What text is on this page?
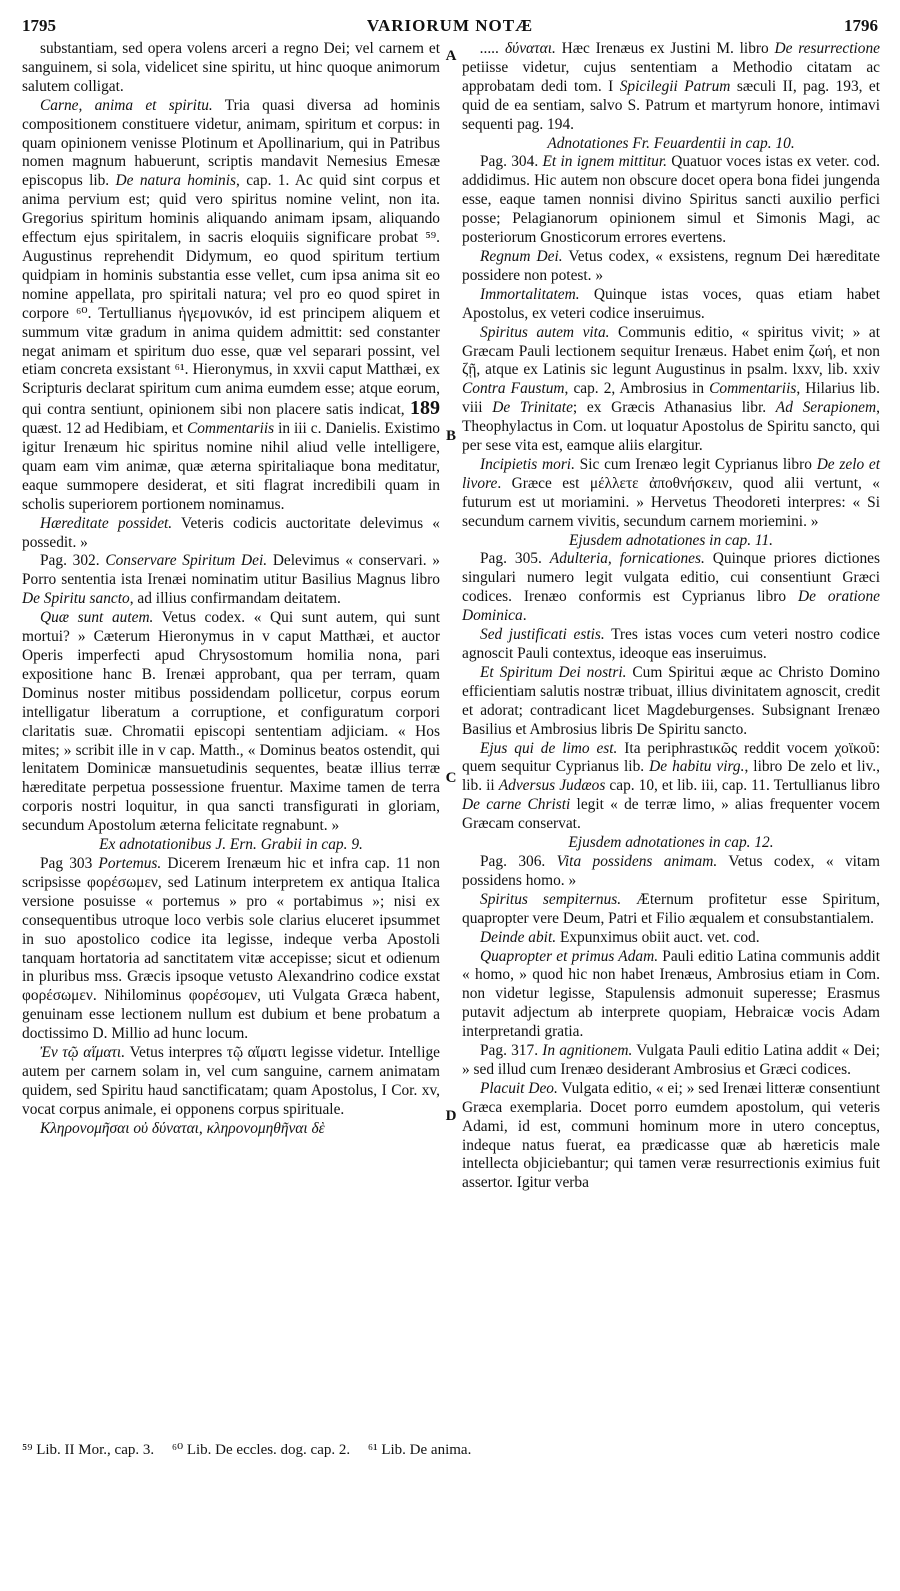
1795	VARIORUM NOTÆ	1796

substantiam, sed opera volens arceri a regno Dei; vel carnem et sanguinem, si sola, videlicet sine spiritu, ut hinc quoque animorum salutem colligat.

Carne, anima et spiritu. Tria quasi diversa ad hominis compositionem constituere videtur, animam, spiritum et corpus: in quam opinionem venisse Plotinum et Apollinarium, qui in Patribus nomen magnum habuerunt, scriptis mandavit Nemesius Emesæ episcopus lib. De natura hominis, cap. 1. Ac quid sint corpus et anima pervium est; quid vero spiritus nomine velint, non ita. Gregorius spiritum hominis aliquando animam ipsam, aliquando effectum ejus spiritalem, in sacris eloquiis significare probat ⁵⁹. Augustinus reprehendit Didymum, eo quod spiritum tertium quidpiam in hominis substantia esse vellet, cum ipsa anima sit eo nomine appellata, pro spiritali natura; vel pro eo quod spiret in corpore ⁶⁰. Tertullianus ἡγεμονικόν, id est principem aliquem et summum vitæ gradum in anima quidem admittit: sed constanter negat animam et spiritum duo esse, quæ vel separari possint, vel etiam concreta exsistant ⁶¹. Hieronymus, in xxvii caput Matthæi, ex Scripturis declarat spiritum cum anima eumdem esse; atque eorum, qui contra sentiunt, opinionem sibi non placere satis indicat, 189 quæst. 12 ad Hedibiam, et Commentariis in iii c. Danielis. Existimo igitur Irenæum hic spiritus nomine nihil aliud velle intelligere, quam eam vim animæ, quæ æterna spiritaliaque bona meditatur, eaque summopere desiderat, et siti flagrat incredibili quam in scholis superiorem portionem nominamus.

Hæreditate possidet. Veteris codicis auctoritate delevimus « possedit. »

Pag. 302. Conservare Spiritum Dei. Delevimus « conservari. » Porro sententia ista Irenæi nominatim utitur Basilius Magnus libro De Spiritu sancto, ad illius confirmandam deitatem.

Quæ sunt autem. Vetus codex. « Qui sunt autem, qui sunt mortui? » Cæterum Hieronymus in v caput Matthæi, et auctor Operis imperfecti apud Chrysostomum homilia nona, pari expositione hanc B. Irenæi approbant, qua per terram, quam Dominus noster mitibus possidendam pollicetur, corpus eorum intelligatur liberatum a corruptione, et configuratum corpori claritatis suæ. Chromatii episcopi sententiam adjiciam. « Hos mites; » scribit ille in v cap. Matth., « Dominus beatos ostendit, qui lenitatem Dominicæ mansuetudinis sequentes, beatæ illius terræ hæreditate perpetua possessione fruentur. Maxime tamen de terra corporis nostri loquitur, in qua sancti transfigurati in gloriam, secundum Apostolum æterna felicitate regnabunt. »

Ex adnotationibus J. Ern. Grabii in cap. 9.

Pag 303 Portemus. Dicerem Irenæum hic et infra cap. 11 non scripsisse φορέσωμεν, sed Latinum interpretem ex antiqua Italica versione posuisse « portemus » pro « portabimus »; nisi ex consequentibus utroque loco verbis sole clarius eluceret ipsummet in suo apostolico codice ita legisse, indeque verba Apostoli tanquam hortatoria ad sanctitatem vitæ accepisse; sicut et odienum in pluribus mss. Græcis ipsoque vetusto Alexandrino codice exstat φορέσωμεν. Nihilominus φορέσομεν, uti Vulgata Græca habent, genuinam esse lectionem nullum est dubium et bene probatum a doctissimo D. Millio ad hunc locum.

Ἐν τῷ αἵματι. Vetus interpres τῷ αἵματι legisse videtur. Intellige autem per carnem solam in, vel cum sanguine, carnem animatam quidem, sed Spiritu haud sanctificatam; quam Apostolus, I Cor. xv, vocat corpus animale, ei opponens corpus spirituale.

Κληρονομῆσαι οὐ δύναται, κληρονομηθῆναι δὲ

A
B
C
D

..... δύναται. Hæc Irenæus ex Justini M. libro De resurrectione petiisse videtur, cujus sententiam a Methodio citatam ac approbatam dedi tom. I Spicilegii Patrum sæculi II, pag. 193, et quid de ea sentiam, salvo S. Patrum et martyrum honore, intimavi sequenti pag. 194.

Adnotationes Fr. Feuardentii in cap. 10.

Pag. 304. Et in ignem mittitur. Quatuor voces istas ex veter. cod. addidimus. Hic autem non obscure docet opera bona fidei jungenda esse, eaque tamen nonnisi divino Spiritus sancti auxilio perfici posse; Pelagianorum opinionem simul et Simonis Magi, ac posteriorum Gnosticorum errores evertens.

Regnum Dei. Vetus codex, « exsistens, regnum Dei hæreditate possidere non potest. »

Immortalitatem. Quinque istas voces, quas etiam habet Apostolus, ex veteri codice inseruimus.

Spiritus autem vita. Communis editio, « spiritus vivit; » at Græcam Pauli lectionem sequitur Irenæus. Habet enim ζωή, et non ζῇ, atque ex Latinis sic legunt Augustinus in psalm. lxxv, lib. xxiv Contra Faustum, cap. 2, Ambrosius in Commentariis, Hilarius lib. viii De Trinitate; ex Græcis Athanasius libr. Ad Serapionem, Theophylactus in Com. ut loquatur Apostolus de Spiritu sancto, qui per sese vita est, eamque aliis elargitur.

Incipietis mori. Sic cum Irenæo legit Cyprianus libro De zelo et livore. Græce est μέλλετε ἀποθνήσκειν, quod alii vertunt, « futurum est ut moriamini. » Hervetus Theodoreti interpres: « Si secundum carnem vivitis, secundum carnem moriemini. »

Ejusdem adnotationes in cap. 11.

Pag. 305. Adulteria, fornicationes. Quinque priores dictiones singulari numero legit vulgata editio, cui consentiunt Græci codices. Irenæo conformis est Cyprianus libro De oratione Dominica.

Sed justificati estis. Tres istas voces cum veteri nostro codice agnoscit Pauli contextus, ideoque eas inseruimus.

Et Spiritum Dei nostri. Cum Spiritui æque ac Christo Domino efficientiam salutis nostræ tribuat, illius divinitatem agnoscit, credit et adorat; contradicant licet Magdeburgenses. Subsignant Irenæo Basilius et Ambrosius libris De Spiritu sancto.

Ejus qui de limo est. Ita periphrastικῶς reddit vocem χοϊκοῦ: quem sequitur Cyprianus lib. De habitu virg., libro De zelo et liv., lib. ii Adversus Judæos cap. 10, et lib. iii, cap. 11. Tertullianus libro De carne Christi legit « de terræ limo, » alias frequenter vocem Græcam conservat.

Ejusdem adnotationes in cap. 12.

Pag. 306. Vita possidens animam. Vetus codex, « vitam possidens homo. »

Spiritus sempiternus. Æternum profitetur esse Spiritum, quapropter vere Deum, Patri et Filio æqualem et consubstantialem.

Deinde abit. Expunximus obiit auct. vet. cod.

Quapropter et primus Adam. Pauli editio Latina communis addit « homo, » quod hic non habet Irenæus, Ambrosius etiam in Com. non videtur legisse, Stapulensis admonuit superesse; Erasmus putavit adjectum ab interprete quopiam, Hebraicæ vocis Adam interpretandi gratia.

Pag. 317. In agnitionem. Vulgata Pauli editio Latina addit « Dei; » sed illud cum Irenæo desiderant Ambrosius et Græci codices.

Placuit Deo. Vulgata editio, « ei; » sed Irenæi litteræ consentiunt Græca exemplaria. Docet porro eumdem apostolum, qui veteris Adami, id est, communi hominum more in utero conceptus, indeque natus fuerat, ea prædicasse quæ ab hæreticis male intellecta objiciebantur; qui tamen veræ resurrectionis eximius fuit assertor. Igitur verba

⁵⁹ Lib. II Mor., cap. 3. ⁶⁰ Lib. De eccles. dog. cap. 2. ⁶¹ Lib. De anima.
